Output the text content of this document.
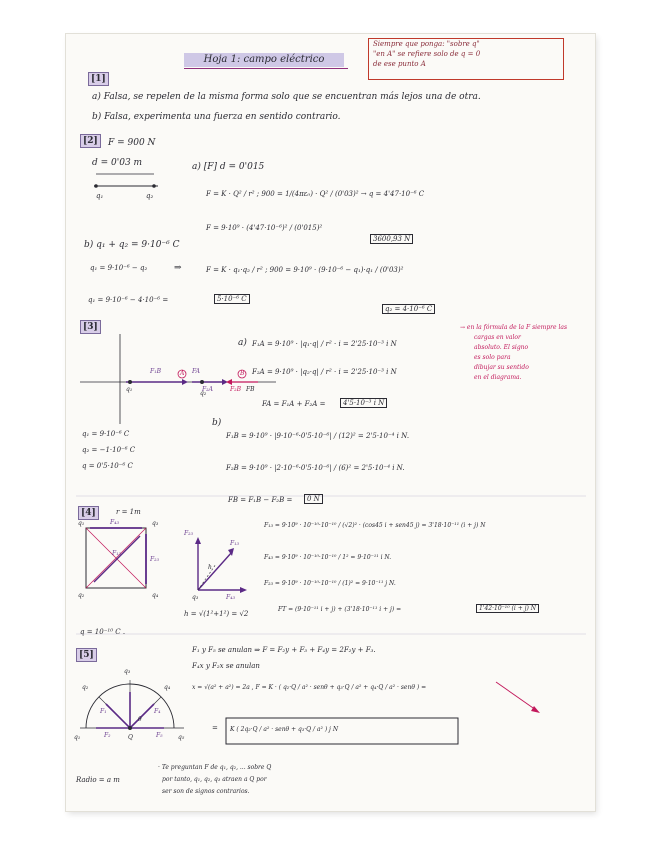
Hoja 1: campo eléctrico
Siempre que ponga: "sobre q"
"en A" se refiere solo de q = 0
de ese punto A
[1]
a) Falsa, se repelen de la misma forma solo que se encuentran más lejos una de otra.
b) Falsa, experimenta una fuerza en sentido contrario.
[2]	F = 900 N
d = 0'03 m
q₁	q₂
a) [F] d = 0'015
F = K · Q² / r² ; 900 = 1/(4πε₀) · Q² / (0'03)² → q = 4'47·10⁻⁶ C
F = 9·10⁹ · (4'47·10⁻⁶)² / (0'015)²
3600,93 N
b) q₁ + q₂ = 9·10⁻⁶ C
q₁ = 9·10⁻⁶ − q₂	⇒	F = K · q₁·q₂ / r² ; 900 = 9·10⁹ · (9·10⁻⁶ − q₁)·q₁ / (0'03)²
q₁ = 9·10⁻⁶ − 4·10⁻⁶ =	5·10⁻⁶ C
q₂ = 4·10⁻⁶ C
[3]
F₁B	FA
F₂A	F₂B FB
q₁
q₂
A	B
a) F₁A = 9·10⁹ · |q₁·q| / r² · i = 2'25·10⁻³ i N
F₂A = 9·10⁹ · |q₂·q| / r² · i = 2'25·10⁻³ i N
FA = F₁A + F₂A =	4'5·10⁻³ i N
→ en la fórmula de la F siempre las
cargas en valor
absoluto. El signo
es solo para
dibujar su sentido
en el diagrama.
q₁ = 9·10⁻⁶ C
q₂ = −1·10⁻⁶ C
q = 0'5·10⁻⁶ C
b)
F₁B = 9·10⁹ · |9·10⁻⁶·0'5·10⁻⁶| / (12)² = 2'5·10⁻⁴ i N.
F₂B = 9·10⁹ · |2·10⁻⁶·0'5·10⁻⁶| / (6)² = 2'5·10⁻⁴ i N.
FB = F₁B − F₂B =	0 N
[4]	r = 1m
q₁
q₂
q₃
q₄
F₄₃
F₂₃
F₁₃
F₂₃
F₁₃
F₄₃
h
q₃
h = √(1²+1²) = √2
q = 10⁻¹⁰ C .
F₁₃ = 9·10⁹ · 10⁻¹⁰·10⁻¹⁰ / (√2)² · (cos45 i + sen45 j) = 3'18·10⁻¹¹ (i + j) N
F₄₃ = 9·10⁹ · 10⁻¹⁰·10⁻¹⁰ / 1² = 9·10⁻¹¹ i N.
F₂₃ = 9·10⁹ · 10⁻¹⁰·10⁻¹⁰ / (1)² = 9·10⁻¹¹ j N.
FT = (9·10⁻¹¹ i + j) + (3'18·10⁻¹¹ i + j) =	1'42·10⁻¹⁰ (i + j) N
[5]
q₃
q₂	q₄
q₁	q₅
F₁
F₂
F₄
F₅
Q
θ
F₁ y F₅ se anulan ⇒ F = F₂y + F₃ + F₄y = 2F₂y + F₃.
F₄x y F₂x se anulan
x = √(a² + a²) = 2a , F = K · ( q₂·Q / a² · senθ + q₃·Q / a² + q₄·Q / a² · senθ ) =
= K ( 2q₂·Q / a² · senθ + q₃·Q / a² ) j N
Radio = a m
· Te preguntan F de q₁, q₂, ... sobre Q
por tanto, q₁, q₂, q₃ atraen a Q por
ser son de signos contrarios.
